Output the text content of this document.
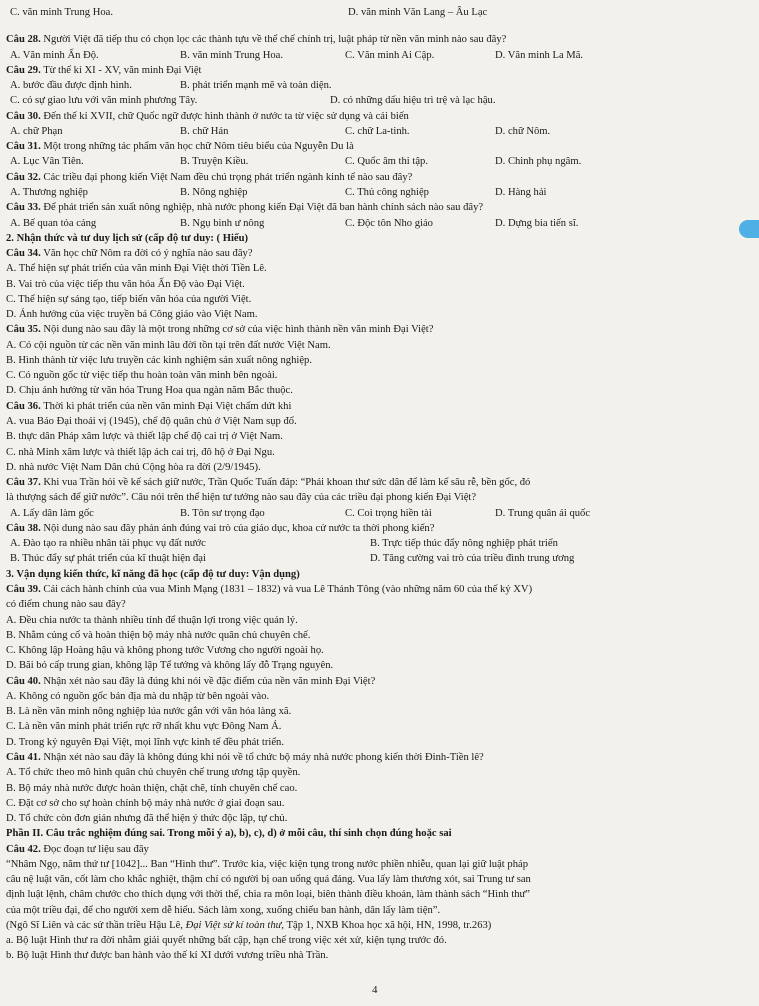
C. văn minh Trung Hoa.	D. văn minh Văn Lang – Âu Lạc
Câu 28. Người Việt đã tiếp thu có chọn lọc các thành tựu về thể chế chính trị, luật pháp từ nền văn minh nào sau đây?
A. Văn minh Ấn Độ.	B. văn minh Trung Hoa.	C. Văn minh Ai Cập.	D. Văn minh La Mã.
Câu 29. Từ thế kỉ XI - XV, văn minh Đại Việt
A. bước đầu được định hình.	B. phát triển mạnh mẽ và toàn diện.
C. có sự giao lưu với văn minh phương Tây.	D. có những dấu hiệu trì trệ và lạc hậu.
Câu 30. Đến thế kỉ XVII, chữ Quốc ngữ được hình thành ở nước ta từ việc sử dụng và cải biến
A. chữ Phạn	B. chữ Hán	C. chữ La-tinh.	D. chữ Nôm.
Câu 31. Một trong những tác phẩm văn học chữ Nôm tiêu biểu của Nguyễn Du là
A. Lục Vân Tiên.	B. Truyện Kiều.	C. Quốc âm thi tập.	D. Chinh phụ ngâm.
Câu 32. Các triều đại phong kiến Việt Nam đều chú trọng phát triển ngành kinh tế nào sau đây?
A. Thương nghiệp	B. Nông nghiệp	C. Thủ công nghiệp	D. Hàng hải
Câu 33. Để phát triển sản xuất nông nghiệp, nhà nước phong kiến Đại Việt đã ban hành chính sách nào sau đây?
A. Bế quan tỏa cảng	B. Ngụ binh ư nông	C. Độc tôn Nho giáo	D. Dựng bia tiến sĩ.
2. Nhận thức và tư duy lịch sử (cấp độ tư duy: ( Hiểu)
Câu 34. Văn học chữ Nôm ra đời có ý nghĩa nào sau đây?
A. Thể hiện sự phát triển của văn minh Đại Việt thời Tiền Lê.
B. Vai trò của việc tiếp thu văn hóa Ấn Độ vào Đại Việt.
C. Thể hiện sự sáng tạo, tiếp biến văn hóa của người Việt.
D. Ảnh hưởng của việc truyền bá Công giáo vào Việt Nam.
Câu 35. Nội dung nào sau đây là một trong những cơ sở của việc hình thành nền văn minh Đại Việt?
A. Có cội nguồn từ các nền văn minh lâu đời tồn tại trên đất nước Việt Nam.
B. Hình thành từ việc lưu truyền các kinh nghiệm sản xuất nông nghiệp.
C. Có nguồn gốc từ việc tiếp thu hoàn toàn văn minh bên ngoài.
D. Chịu ảnh hưởng từ văn hóa Trung Hoa qua ngàn năm Bắc thuộc.
Câu 36. Thời kì phát triển của nền văn minh Đại Việt chấm dứt khi
A. vua Bảo Đại thoái vị (1945), chế độ quân chủ ở Việt Nam sụp đổ.
B. thực dân Pháp xâm lược và thiết lập chế độ cai trị ở Việt Nam.
C. nhà Minh xâm lược và thiết lập ách cai trị, đô hộ ở Đại Ngu.
D. nhà nước Việt Nam Dân chủ Cộng hòa ra đời (2/9/1945).
Câu 37. Khi vua Trần hỏi về kế sách giữ nước, Trần Quốc Tuấn đáp: “Phải khoan thư sức dân để làm kế sâu rễ, bền gốc, đó
là thượng sách để giữ nước”. Câu nói trên thể hiện tư tưởng nào sau đây của các triều đại phong kiến Đại Việt?
A. Lấy dân làm gốc	B. Tôn sư trọng đạo	C. Coi trọng hiền tài	D. Trung quân ái quốc
Câu 38. Nội dung nào sau đây phản ánh đúng vai trò của giáo dục, khoa cử nước ta thời phong kiến?
A. Đào tạo ra nhiều nhân tài phục vụ đất nước	B. Trực tiếp thúc đẩy nông nghiệp phát triển
B. Thúc đẩy sự phát triển của kĩ thuật hiện đại	D. Tăng cường vai trò của triều đình trung ương
3. Vận dụng kiến thức, kĩ năng đã học (cấp độ tư duy: Vận dụng)
Câu 39. Cải cách hành chính của vua Minh Mạng (1831 – 1832) và vua Lê Thánh Tông (vào những năm 60 của thế kỷ XV)
có điểm chung nào sau đây?
A. Đều chia nước ta thành nhiều tỉnh để thuận lợi trong việc quản lý.
B. Nhằm củng cố và hoàn thiện bộ máy nhà nước quân chủ chuyên chế.
C. Không lập Hoàng hậu và không phong tước Vương cho người ngoài họ.
D. Bãi bỏ cấp trung gian, không lập Tể tướng và không lấy đỗ Trạng nguyên.
Câu 40. Nhận xét nào sau đây là đúng khi nói về đặc điểm của nền văn minh Đại Việt?
A. Không có nguồn gốc bản địa mà du nhập từ bên ngoài vào.
B. Là nền văn minh nông nghiệp lúa nước gắn với văn hóa làng xã.
C. Là nền văn minh phát triển rực rỡ nhất khu vực Đông Nam Á.
D. Trong kỷ nguyên Đại Việt, mọi lĩnh vực kinh tế đều phát triển.
Câu 41. Nhận xét nào sau đây là không đúng khi nói về tổ chức bộ máy nhà nước phong kiến thời Đinh-Tiền lê?
A. Tổ chức theo mô hình quân chủ chuyên chế trung ương tập quyền.
B. Bộ máy nhà nước được hoàn thiện, chặt chẽ, tính chuyên chế cao.
C. Đặt cơ sở cho sự hoàn chỉnh bộ máy nhà nước ở giai đoạn sau.
D. Tổ chức còn đơn giản nhưng đã thể hiện ý thức độc lập, tự chủ.
Phần II. Câu trắc nghiệm đúng sai. Trong mỗi ý a), b), c), d) ở mỗi câu, thí sinh chọn đúng hoặc sai
Câu 42. Đọc đoạn tư liệu sau đây
“Nhâm Ngọ, năm thứ tư [1042]... Ban “Hình thư”. Trước kia, việc kiện tụng trong nước phiền nhiễu, quan lại giữ luật pháp
câu nệ luật văn, cốt làm cho khắc nghiệt, thậm chí có người bị oan uổng quá đáng. Vua lấy làm thương xót, sai Trung tư san
định luật lệnh, châm chước cho thích dụng với thời thế, chia ra môn loại, biên thành điều khoản, làm thành sách “Hình thư”
của một triều đại, để cho người xem dễ hiểu. Sách làm xong, xuống chiếu ban hành, dân lấy làm tiện”.
(Ngô Sĩ Liên và các sử thần triều Hậu Lê, Đại Việt sử kí toàn thư, Tập 1, NXB Khoa học xã hội, HN, 1998, tr.263)
a. Bộ luật Hình thư ra đời nhằm giải quyết những bất cập, hạn chế trong việc xét xử, kiện tụng trước đó.
b. Bộ luật Hình thư được ban hành vào thế kỉ XI dưới vương triều nhà Trần.
4
